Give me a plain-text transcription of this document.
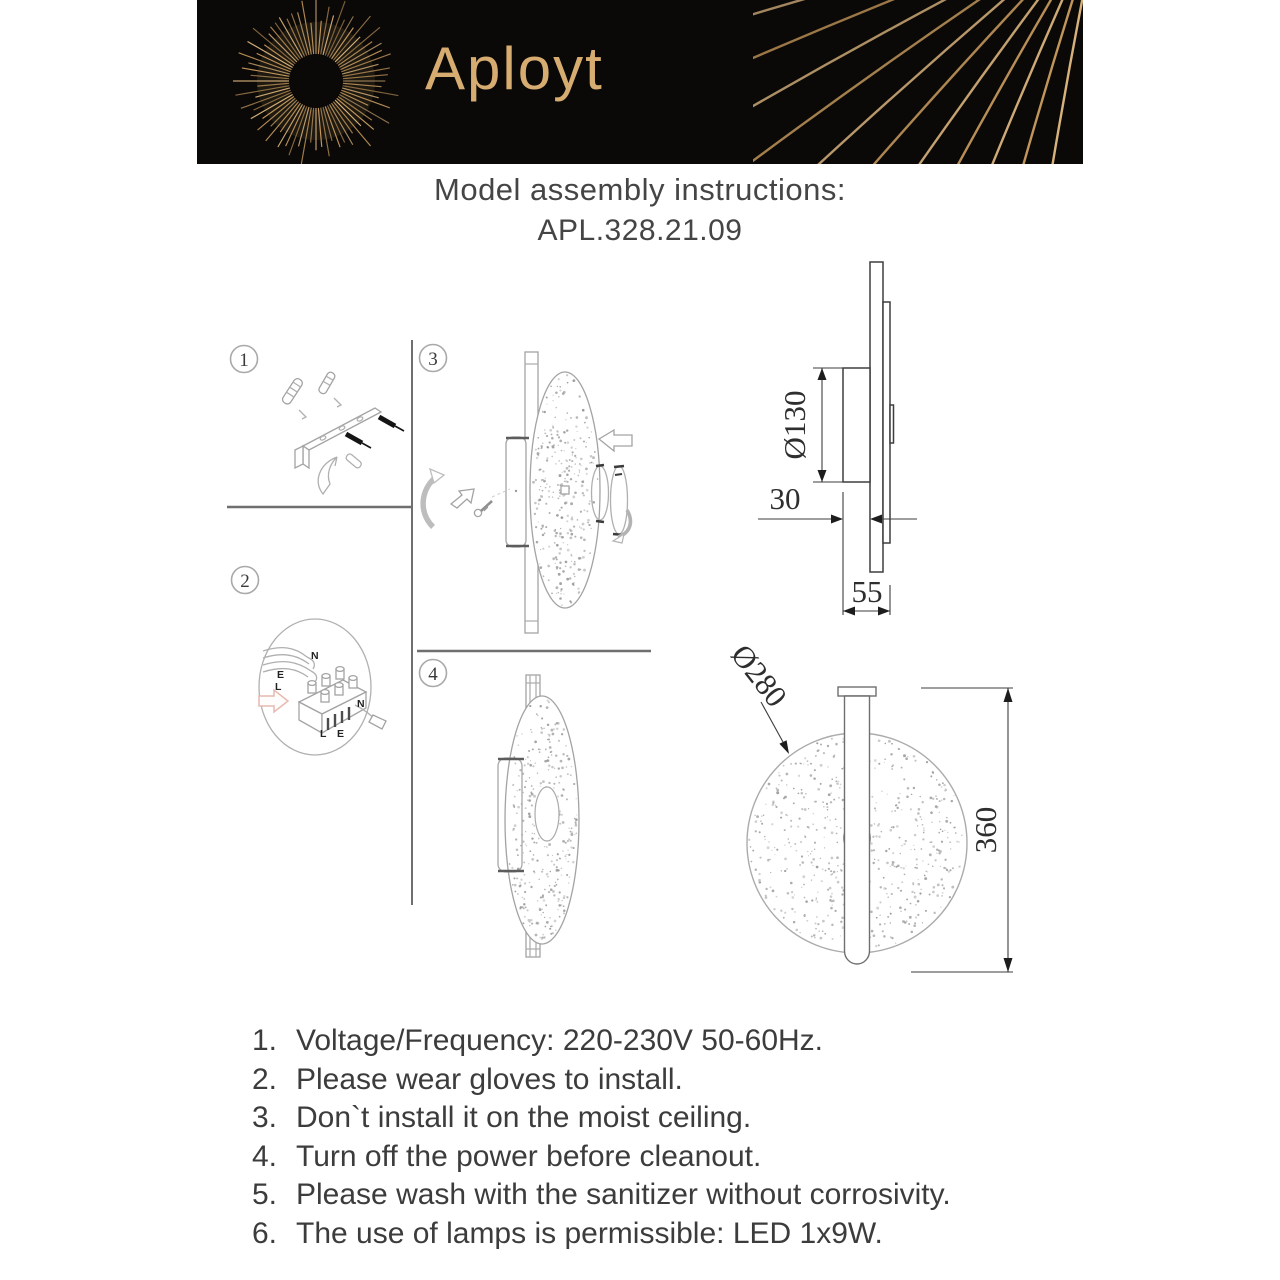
Aployt
Model assembly instructions:
APL.328.21.09
1
2
3
4
N
E
L
N
L E
Ø130
30
55
Ø280
360
1. Voltage/Frequency: 220-230V 50-60Hz.
2. Please wear gloves to install.
3. Don`t install it on the moist ceiling.
4. Turn off the power before cleanout.
5. Please wash with the sanitizer without corrosivity.
6. The use of lamps is permissible: LED 1x9W.
